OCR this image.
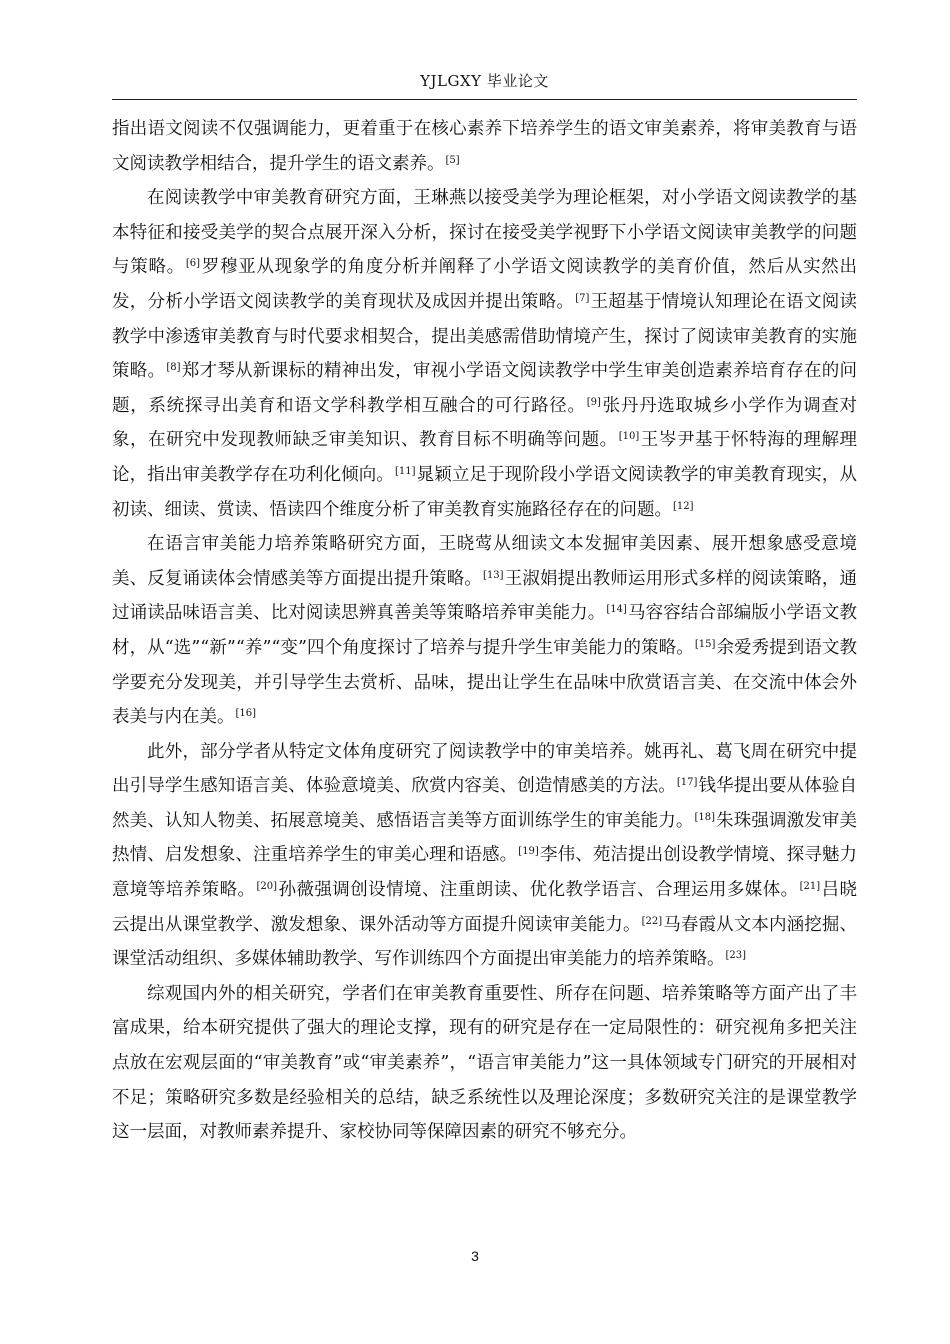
YJLGXY 毕业论文

指出语文阅读不仅强调能力，更着重于在核心素养下培养学生的语文审美素养，将审美教育与语文阅读教学相结合，提升学生的语文素养。[5]

在阅读教学中审美教育研究方面，王琳燕以接受美学为理论框架，对小学语文阅读教学的基本特征和接受美学的契合点展开深入分析，探讨在接受美学视野下小学语文阅读审美教学的问题与策略。[6]罗穆亚从现象学的角度分析并阐释了小学语文阅读教学的美育价值，然后从实然出发，分析小学语文阅读教学的美育现状及成因并提出策略。[7]王超基于情境认知理论在语文阅读教学中渗透审美教育与时代要求相契合，提出美感需借助情境产生，探讨了阅读审美教育的实施策略。[8]郑才琴从新课标的精神出发，审视小学语文阅读教学中学生审美创造素养培育存在的问题，系统探寻出美育和语文学科教学相互融合的可行路径。[9]张丹丹选取城乡小学作为调查对象，在研究中发现教师缺乏审美知识、教育目标不明确等问题。[10]王岑尹基于怀特海的理解理论，指出审美教学存在功利化倾向。[11]晁颖立足于现阶段小学语文阅读教学的审美教育现实，从初读、细读、赏读、悟读四个维度分析了审美教育实施路径存在的问题。[12]

在语言审美能力培养策略研究方面，王晓莺从细读文本发掘审美因素、展开想象感受意境美、反复诵读体会情感美等方面提出提升策略。[13]王淑娟提出教师运用形式多样的阅读策略，通过诵读品味语言美、比对阅读思辨真善美等策略培养审美能力。[14]马容容结合部编版小学语文教材，从“选”“新”“养”“变”四个角度探讨了培养与提升学生审美能力的策略。[15]余爱秀提到语文教学要充分发现美，并引导学生去赏析、品味，提出让学生在品味中欣赏语言美、在交流中体会外表美与内在美。[16]

此外，部分学者从特定文体角度研究了阅读教学中的审美培养。姚再礼、葛飞周在研究中提出引导学生感知语言美、体验意境美、欣赏内容美、创造情感美的方法。[17]钱华提出要从体验自然美、认知人物美、拓展意境美、感悟语言美等方面训练学生的审美能力。[18]朱珠强调激发审美热情、启发想象、注重培养学生的审美心理和语感。[19]李伟、苑洁提出创设教学情境、探寻魅力意境等培养策略。[20]孙薇强调创设情境、注重朗读、优化教学语言、合理运用多媒体。[21]吕晓云提出从课堂教学、激发想象、课外活动等方面提升阅读审美能力。[22]马春霞从文本内涵挖掘、课堂活动组织、多媒体辅助教学、写作训练四个方面提出审美能力的培养策略。[23]

综观国内外的相关研究，学者们在审美教育重要性、所存在问题、培养策略等方面产出了丰富成果，给本研究提供了强大的理论支撑，现有的研究是存在一定局限性的：研究视角多把关注点放在宏观层面的“审美教育”或“审美素养”，“语言审美能力”这一具体领域专门研究的开展相对不足；策略研究多数是经验相关的总结，缺乏系统性以及理论深度；多数研究关注的是课堂教学这一层面，对教师素养提升、家校协同等保障因素的研究不够充分。

3
